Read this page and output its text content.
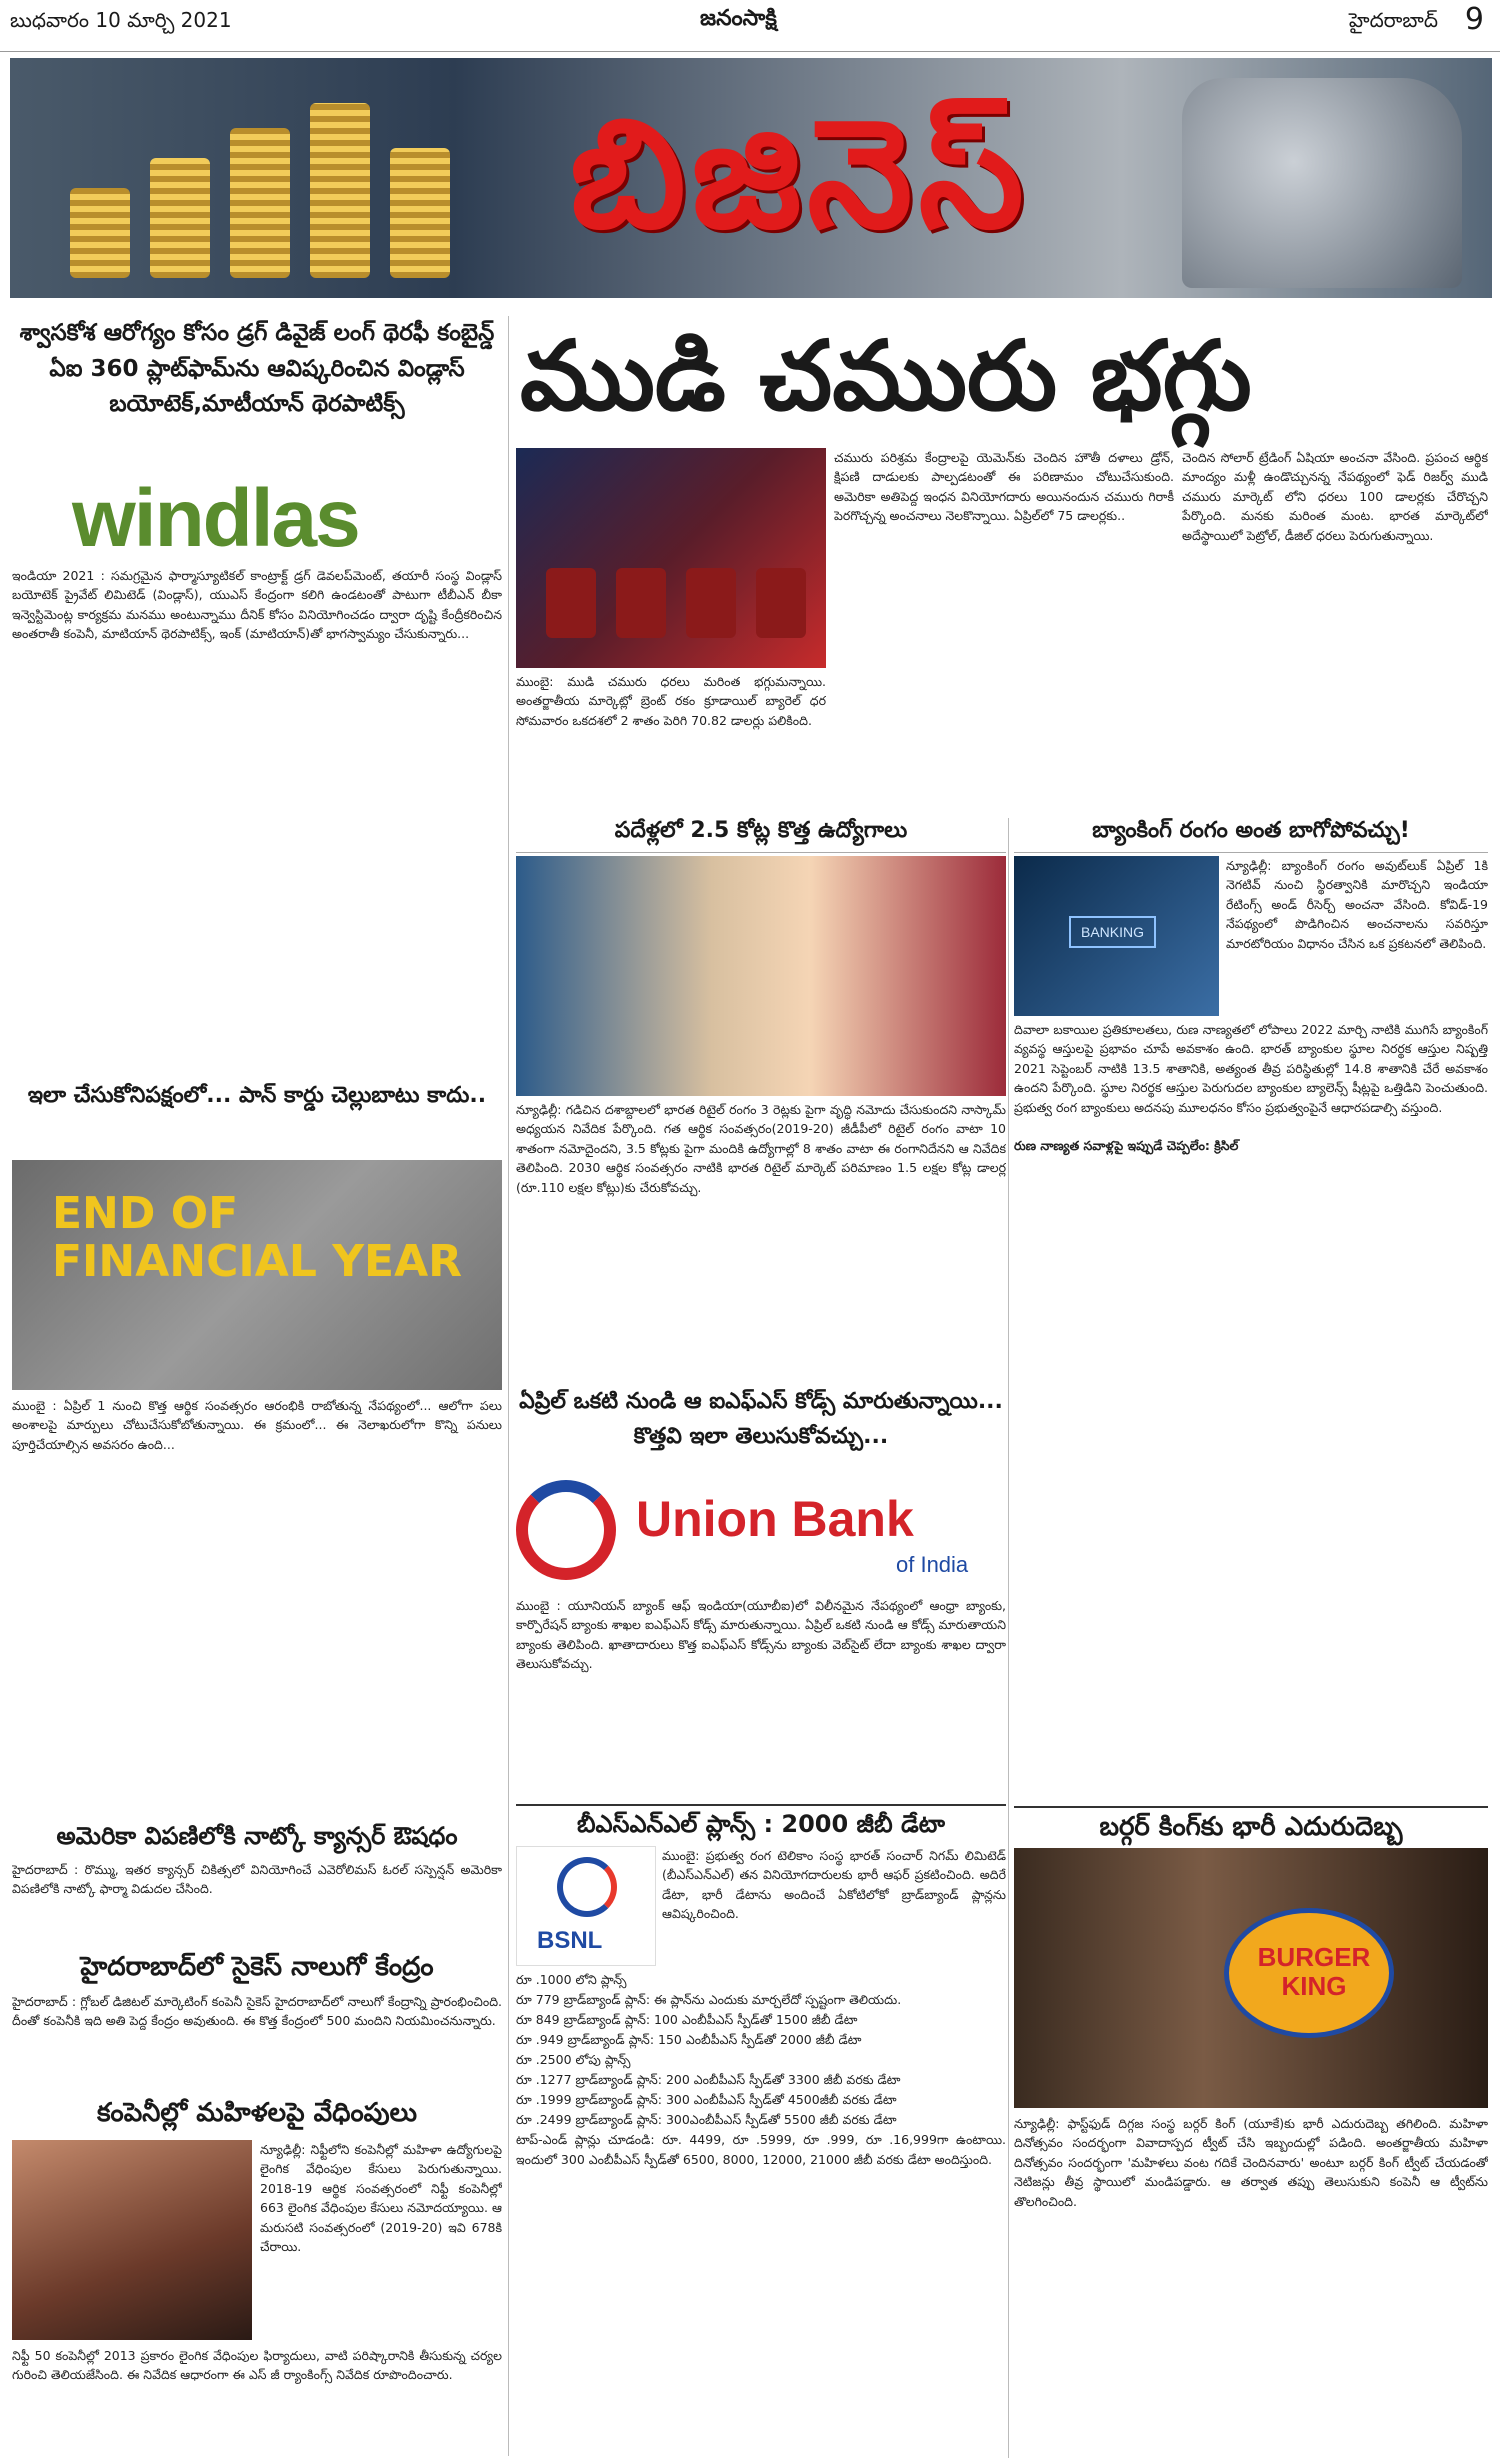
బుధవారం 10 మార్చి 2021	జనంసాక్షి	హైదరాబాద్ 9
బిజినెస్
ముడి చమురు భగ్గు
శ్వాసకోశ ఆరోగ్యం కోసం డ్రగ్ డివైజ్ లంగ్ థెరఫీ కంబైన్డ్ ఏఐ 360 ప్లాట్‌ఫామ్‌ను ఆవిష్కరించిన విండ్లాస్ బయోటెక్,మాటీయాన్ థెరపాటిక్స్
windlas
ఇండియా 2021 : సమగ్రమైన ఫార్మాస్యూటికల్ కాంట్రాక్ట్ డ్రగ్ డెవలప్‌మెంట్, తయారీ సంస్థ విండ్లాస్ బయోటెక్ ప్రైవేట్ లిమిటెడ్ (విండ్లాస్), యుఎస్ కేంద్రంగా కలిగి ఉండటంతో పాటుగా టీబీఎన్ బీకా ఇన్వెస్టిమెంట్ల కార్యక్రమ మనము అంటున్నాము దీనిక్ కోసం వినియోగించడం ద్వారా దృష్టి కేంద్రీకరించిన అంతరాతీ కంపెనీ, మాటియాన్ థెరపాటిక్స్, ఇంక్ (మాటియాన్)తో భాగస్వామ్యం చేసుకున్నారు...
ఇలా చేసుకోనిపక్షంలో... పాన్ కార్డు చెల్లుబాటు కాదు..
END OF FINANCIAL YEAR
ముంబై : ఏప్రిల్ 1 నుంచి కొత్త ఆర్థిక సంవత్సరం ఆరంభికి రాబోతున్న నేపథ్యంలో... ఆలోగా పలు అంశాలపై మార్పులు చోటుచేసుకోబోతున్నాయి. ఈ క్రమంలో... ఈ నెలాఖరులోగా కొన్ని పనులు పూర్తిచేయాల్సిన అవసరం ఉంది...
అమెరికా విపణిలోకి నాట్కో క్యాన్సర్ ఔషధం
హైదరాబాద్ : రొమ్ము, ఇతర క్యాన్సర్ చికిత్సలో వినియోగించే ఎవెరోలిమస్ ఓరల్ సస్పెన్షన్ అమెరికా విపణిలోకి నాట్కో ఫార్మా విడుదల చేసింది.
హైదరాబాద్‌లో సైకెస్ నాలుగో కేంద్రం
హైదరాబాద్ : గ్లోబల్ డిజిటల్ మార్కెటింగ్ కంపెనీ సైకెస్ హైదరాబాద్‌లో నాలుగో కేంద్రాన్ని ప్రారంభించింది. దీంతో కంపెనీకి ఇది అతి పెద్ద కేంద్రం అవుతుంది. ఈ కొత్త కేంద్రంలో 500 మందిని నియమించనున్నారు.
కంపెనీల్లో మహిళలపై వేధింపులు
న్యూఢిల్లీ: నిఫ్టీలోని కంపెనీల్లో మహిళా ఉద్యోగులపై లైంగిక వేధింపుల కేసులు పెరుగుతున్నాయి. 2018-19 ఆర్థిక సంవత్సరంలో నిఫ్టీ కంపెనీల్లో 663 లైంగిక వేధింపుల కేసులు నమోదయ్యాయి. ఆ మరుసటి సంవత్సరంలో (2019-20) ఇవి 678కి చేరాయి.
నిఫ్టీ 50 కంపెనీల్లో 2013 ప్రకారం లైంగిక వేధింపుల ఫిర్యాదులు, వాటి పరిష్కారానికి తీసుకున్న చర్యల గురించి తెలియజేసింది. ఈ నివేదిక ఆధారంగా ఈ ఎస్ జీ ర్యాంకింగ్స్ నివేదిక రూపొందించారు.
ముంబై: ముడి చమురు ధరలు మరింత భగ్గుమన్నాయి. అంతర్జాతీయ మార్కెట్లో బ్రెంట్ రకం క్రూడాయిల్ బ్యారెల్ ధర సోమవారం ఒకదశలో 2 శాతం పెరిగి 70.82 డాలర్లు పలికింది.
చమురు పరిశ్రమ కేంద్రాలపై యెమెన్‌కు చెందిన హౌతీ దళాలు డ్రోన్, క్షిపణి దాడులకు పాల్పడటంతో ఈ పరిణామం చోటుచేసుకుంది. అమెరికా అతిపెద్ద ఇంధన వినియోగదారు అయినందున చమురు గిరాకీ పెరగొచ్చన్న అంచనాలు నెలకొన్నాయి. ఏప్రిల్‌లో 75 డాలర్లకు..
చెందిన సోలార్ ట్రేడింగ్ ఏషియా అంచనా వేసింది. ప్రపంచ ఆర్థిక మాంద్యం మళ్లీ ఉండొచ్చునన్న నేపథ్యంలో ఫెడ్ రిజర్వ్ ముడి చమురు మార్కెట్ లోని ధరలు 100 డాలర్లకు చేరొచ్చని పేర్కొంది. మనకు మరింత మంట. భారత మార్కెట్‌లో అదేస్థాయిలో పెట్రోల్, డీజిల్ ధరలు పెరుగుతున్నాయి.
పదేళ్లలో 2.5 కోట్ల కొత్త ఉద్యోగాలు
న్యూఢిల్లీ: గడిచిన దశాబ్దాలలో భారత రిటైల్ రంగం 3 రెట్లకు పైగా వృద్ధి నమోదు చేసుకుందని నాస్కామ్ అధ్యయన నివేదిక పేర్కొంది. గత ఆర్థిక సంవత్సరం(2019-20) జీడీపీలో రిటైల్ రంగం వాటా 10 శాతంగా నమోదైందని, 3.5 కోట్లకు పైగా మందికి ఉద్యోగాల్లో 8 శాతం వాటా ఈ రంగానిదేనని ఆ నివేదిక తెలిపింది. 2030 ఆర్థిక సంవత్సరం నాటికి భారత రిటైల్ మార్కెట్ పరిమాణం 1.5 లక్షల కోట్ల డాలర్ల (రూ.110 లక్షల కోట్లు)కు చేరుకోవచ్చు.
బ్యాంకింగ్ రంగం అంత బాగోపోవచ్చు!
BANKING
న్యూఢిల్లీ: బ్యాంకింగ్ రంగం అవుట్‌లుక్‌ ఏప్రిల్ 1కి నెగటివ్ నుంచి స్థిరత్వానికి మారొచ్చని ఇండియా రేటింగ్స్ అండ్ రీసెర్చ్ అంచనా వేసింది. కోవిడ్-19 నేపథ్యంలో పొడిగించిన అంచనాలను సవరిస్తూ మారటోరియం విధానం చేసిన ఒక ప్రకటనలో తెలిపింది.
దివాలా బకాయిల ప్రతికూలతలు, రుణ నాణ్యతలో లోపాలు 2022 మార్చి నాటికి ముగిసే బ్యాంకింగ్ వ్యవస్థ ఆస్తులపై ప్రభావం చూపే అవకాశం ఉంది. భారత్ బ్యాంకుల స్థూల నిరర్థక ఆస్తుల నిష్పత్తి 2021 సెప్టెంబర్ నాటికి 13.5 శాతానికి, అత్యంత తీవ్ర పరిస్థితుల్లో 14.8 శాతానికి చేరే అవకాశం ఉందని పేర్కొంది. స్థూల నిరర్థక ఆస్తుల పెరుగుదల బ్యాంకుల బ్యాలెన్స్ షీట్లపై ఒత్తిడిని పెంచుతుంది. ప్రభుత్వ రంగ బ్యాంకులు అదనపు మూలధనం కోసం ప్రభుత్వంపైనే ఆధారపడాల్సి వస్తుంది.

రుణ నాణ్యత సవాళ్లపై ఇప్పుడే చెప్పలేం: క్రిసిల్
ఏప్రిల్ ఒకటి నుండి ఆ ఐఎఫ్ఎస్ కోడ్స్ మారుతున్నాయి... కొత్తవి ఇలా తెలుసుకోవచ్చు...
Union Bank
of India
ముంబై : యూనియన్ బ్యాంక్ ఆఫ్ ఇండియా(యూబీఐ)లో విలీనమైన నేపథ్యంలో ఆంధ్రా బ్యాంకు, కార్పొరేషన్ బ్యాంకు శాఖల ఐఎఫ్ఎస్ కోడ్స్ మారుతున్నాయి. ఏప్రిల్ ఒకటి నుండి ఆ కోడ్స్ మారుతాయని బ్యాంకు తెలిపింది. ఖాతాదారులు కొత్త ఐఎఫ్ఎస్ కోడ్స్‌ను బ్యాంకు వెబ్‌సైట్ లేదా బ్యాంకు శాఖల ద్వారా తెలుసుకోవచ్చు.
బీఎస్ఎన్ఎల్ ప్లాన్స్ : 2000 జీబీ డేటా
BSNL
ముంబై: ప్రభుత్వ రంగ టెలికాం సంస్థ భారత్ సంచార్ నిగమ్ లిమిటెడ్ (బీఎస్ఎన్ఎల్) తన వినియోగదారులకు భారీ ఆఫర్ ప్రకటించింది. అదిరే డేటా, భారీ డేటాను అందించే ఏకోటిలోకో బ్రాడ్‌బ్యాండ్ ప్లాన్లను ఆవిష్కరించింది.
రూ .1000 లోని ప్లాన్స్
రూ 779 బ్రాడ్‌బ్యాండ్ ప్లాన్: ఈ ప్లాన్‌ను ఎందుకు మార్చలేదో స్పష్టంగా తెలియదు.
రూ 849 బ్రాడ్‌బ్యాండ్ ప్లాన్: 100 ఎంబీపీఎస్ స్పీడ్‌తో 1500 జీబీ డేటా
రూ .949 బ్రాడ్‌బ్యాండ్ ప్లాన్: 150 ఎంబీపీఎస్ స్పీడ్‌తో 2000 జీబీ డేటా
రూ .2500 లోపు ప్లాన్స్
రూ .1277 బ్రాడ్‌బ్యాండ్ ప్లాన్: 200 ఎంబీపీఎస్ స్పీడ్‌తో 3300 జీబీ వరకు డేటా
రూ .1999 బ్రాడ్‌బ్యాండ్ ప్లాన్: 300 ఎంబీపీఎస్ స్పీడ్‌తో 4500జీబీ వరకు డేటా
రూ .2499 బ్రాడ్‌బ్యాండ్ ప్లాన్: 300ఎంబీపీఎస్ స్పీడ్‌తో 5500 జీబీ వరకు డేటా
టాప్-ఎండ్ ప్లాన్లు చూడండి: రూ. 4499, రూ .5999, రూ .999, రూ .16,999గా ఉంటాయి. ఇందులో 300 ఎంబీపీఎస్ స్పీడ్‌తో 6500, 8000, 12000, 21000 జీబీ వరకు డేటా అందిస్తుంది.
బర్గర్ కింగ్‌కు భారీ ఎదురుదెబ్బ
BURGER
KING
న్యూఢిల్లీ: ఫాస్ట్‌ఫుడ్ దిగ్గజ సంస్థ బర్గర్ కింగ్ (యూకే)కు భారీ ఎదురుదెబ్బ తగిలింది. మహిళా దినోత్సవం సందర్భంగా వివాదాస్పద ట్వీట్ చేసి ఇబ్బందుల్లో పడింది. అంతర్జాతీయ మహిళా దినోత్సవం సందర్భంగా 'మహిళలు వంట గదికే చెందినవారు' అంటూ బర్గర్ కింగ్ ట్వీట్ చేయడంతో నెటిజన్లు తీవ్ర స్థాయిలో మండిపడ్డారు. ఆ తర్వాత తప్పు తెలుసుకుని కంపెనీ ఆ ట్వీట్‌ను తొలగించింది.
